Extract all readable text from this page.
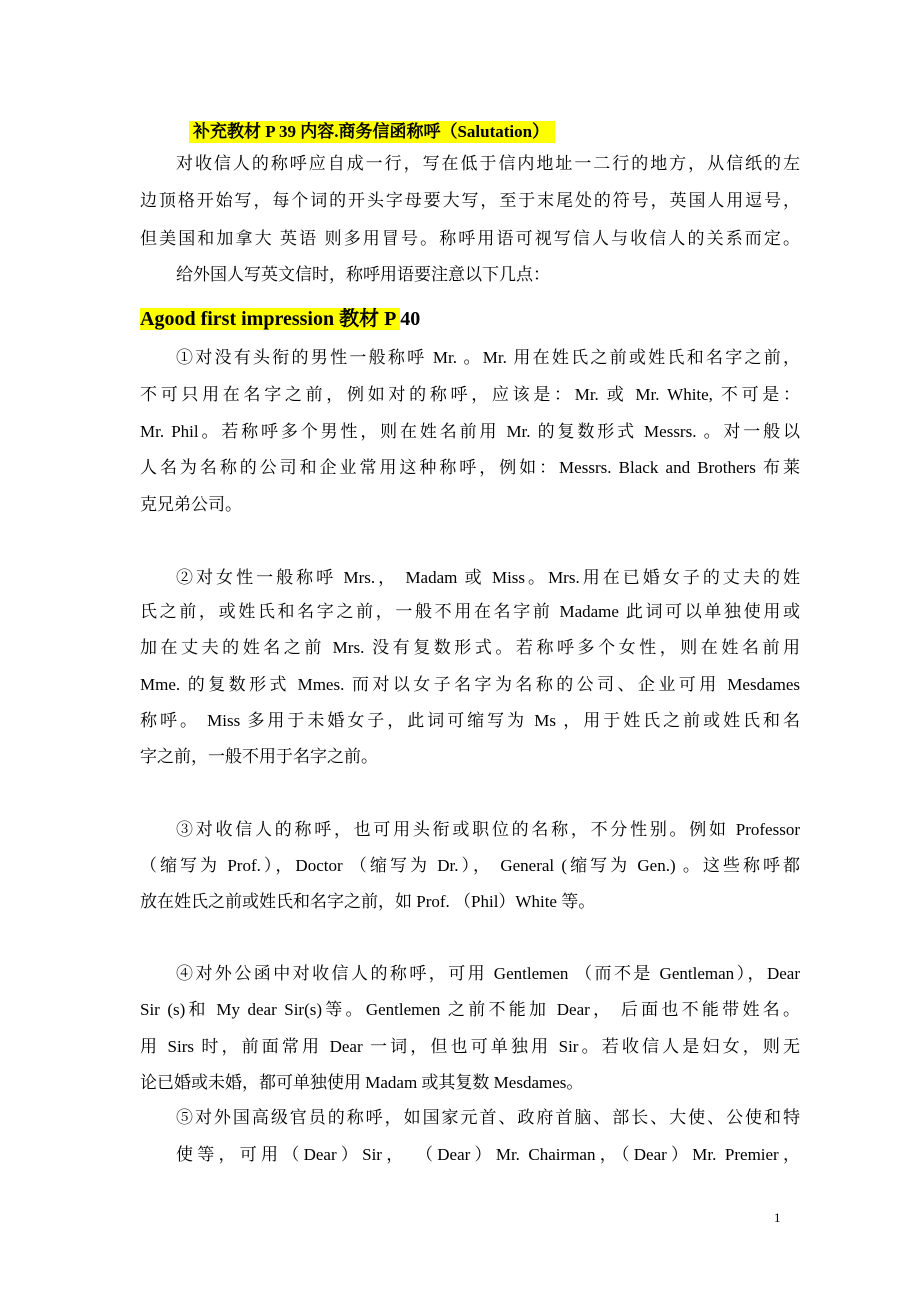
补充教材 P 39 内容.商务信函称呼（Salutation）
对收信人的称呼应自成一行，写在低于信内地址一二行的地方，从信纸的左
边顶格开始写，每个词的开头字母要大写，至于末尾处的符号，英国人用逗号，
但美国和加拿大 英语 则多用冒号。称呼用语可视写信人与收信人的关系而定。
给外国人写英文信时，称呼用语要注意以下几点：
Agood first impression 教材 P 40
①对没有头衔的男性一般称呼 Mr. 。Mr. 用在姓氏之前或姓氏和名字之前，
不可只用在名字之前，例如对的称呼，应该是：Mr. 或 Mr. White, 不可是：
Mr. Phil。若称呼多个男性，则在姓名前用 Mr. 的复数形式 Messrs. 。对一般以
人名为名称的公司和企业常用这种称呼，例如：Messrs. Black and Brothers 布莱
克兄弟公司。
②对女性一般称呼 Mrs.， Madam 或 Miss。Mrs.用在已婚女子的丈夫的姓
氏之前，或姓氏和名字之前，一般不用在名字前 Madame 此词可以单独使用或
加在丈夫的姓名之前 Mrs. 没有复数形式。若称呼多个女性，则在姓名前用
Mme. 的复数形式 Mmes. 而对以女子名字为名称的公司、企业可用 Mesdames
称呼。 Miss 多用于未婚女子，此词可缩写为 Ms ，用于姓氏之前或姓氏和名
字之前，一般不用于名字之前。
③对收信人的称呼，也可用头衔或职位的名称，不分性别。例如 Professor
（缩写为 Prof.），Doctor （缩写为 Dr.）， General (缩写为 Gen.) 。这些称呼都
放在姓氏之前或姓氏和名字之前，如 Prof. （Phil）White 等。
④对外公函中对收信人的称呼，可用 Gentlemen （而不是 Gentleman），Dear
Sir (s)和 My dear Sir(s)等。Gentlemen 之前不能加 Dear， 后面也不能带姓名。
用 Sirs 时，前面常用 Dear 一词，但也可单独用 Sir。若收信人是妇女，则无
论已婚或未婚，都可单独使用 Madam 或其复数 Mesdames。
⑤对外国高级官员的称呼，如国家元首、政府首脑、部长、大使、公使和特
使等，可用（Dear）Sir， （Dear）Mr. Chairman，（Dear）Mr. Premier，
1
